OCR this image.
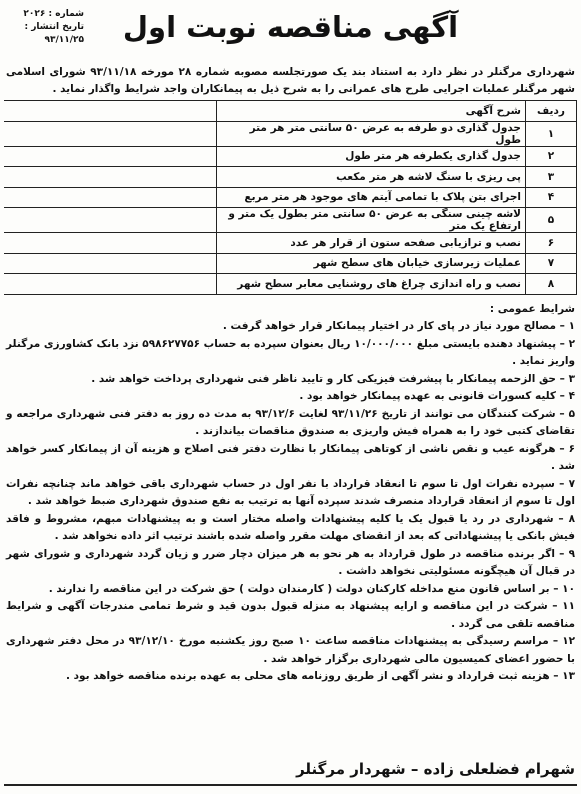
آگهی مناقصه نوبت اول
شماره : ۲۰۲۶
تاریخ انتشار :
۹۳/۱۱/۲۵
شهرداری مرگنلر در نظر دارد به استناد بند یک صورتجلسه مصوبه شماره ۲۸ مورخه ۹۳/۱۱/۱۸ شورای اسلامی شهر مرگنلر عملیات اجرایی طرح های عمرانی را به شرح ذیل به پیمانکاران واجد شرایط واگذار نماید .
ردیف	شرح آگهی	
۱	جدول گذاری دو طرفه به عرض ۵۰ سانتی متر هر متر طول	
۲	جدول گذاری یکطرفه هر متر طول	
۳	پی ریزی با سنگ لاشه هر متر مکعب	
۴	اجرای بتن پلاک با تمامی آیتم های موجود هر متر مربع	
۵	لاشه چینی سنگی به عرض ۵۰ سانتی متر بطول یک متر و ارتفاع یک متر	
۶	نصب و ترازیابی صفحه ستون از قرار هر عدد	
۷	عملیات زیرسازی خیابان های سطح شهر	
۸	نصب و راه اندازی چراغ های روشنایی معابر سطح شهر	
شرایط عمومی :

۱ – مصالح مورد نیاز در پای کار در اختیار پیمانکار قرار خواهد گرفت .

۲ – پیشنهاد دهنده بایستی مبلغ ۱۰/۰۰۰/۰۰۰ ریال بعنوان سپرده به حساب ۵۹۸۶۲۷۷۵۶ نزد بانک کشاورزی مرگنلر واریز نماید .

۳ – حق الزحمه پیمانکار با پیشرفت فیزیکی کار و تایید ناظر فنی شهرداری پرداخت خواهد شد .

۴ – کلیه کسورات قانونی به عهده پیمانکار خواهد بود .

۵ – شرکت کنندگان می توانند از تاریخ ۹۳/۱۱/۲۶ لغایت ۹۳/۱۲/۶ به مدت ده روز به دفتر فنی شهرداری مراجعه و تقاضای کتبی خود را به همراه فیش واریزی به صندوق مناقصات بیاندازند .

۶ – هرگونه عیب و نقص ناشی از کوتاهی پیمانکار با نظارت دفتر فنی اصلاح و هزینه آن از پیمانکار کسر خواهد شد .

۷ – سپرده نفرات اول تا سوم تا انعقاد قرارداد با نفر اول در حساب شهرداری باقی خواهد ماند چنانچه نفرات اول تا سوم از انعقاد قرارداد منصرف شدند سپرده آنها به ترتیب به نفع صندوق شهرداری ضبط خواهد شد .

۸ – شهرداری در رد یا قبول یک یا کلیه پیشنهادات واصله مختار است و به پیشنهادات مبهم، مشروط و فاقد فیش بانکی یا پیشنهاداتی که بعد از انقضای مهلت مقرر واصله شده باشند ترتیب اثر داده نخواهد شد .

۹ – اگر برنده مناقصه در طول قرارداد به هر نحو به هر میزان دچار ضرر و زیان گردد شهرداری و شورای شهر در قبال آن هیچگونه مسئولیتی نخواهد داشت .

۱۰ – بر اساس قانون منع مداخله کارکنان دولت ( کارمندان دولت ) حق شرکت در این مناقصه را ندارند .

۱۱ – شرکت در این مناقصه و ارایه پیشنهاد به منزله قبول بدون قید و شرط تمامی مندرجات آگهی و شرایط مناقصه تلقی می گردد .

۱۲ – مراسم رسیدگی به پیشنهادات مناقصه ساعت ۱۰ صبح روز یکشنبه مورخ ۹۳/۱۲/۱۰ در محل دفتر شهرداری با حضور اعضای کمیسیون مالی شهرداری برگزار خواهد شد .

۱۳ – هزینه ثبت قرارداد و نشر آگهی از طریق روزنامه های محلی به عهده برنده مناقصه خواهد بود .

شهرام فضلعلی زاده – شهردار مرگنلر
